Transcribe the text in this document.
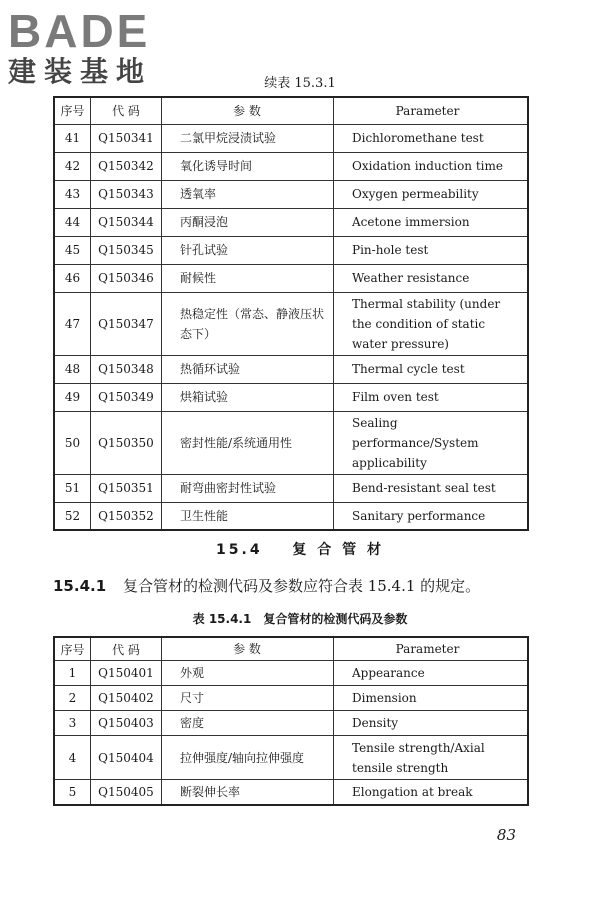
BADE
建装基地	续表 15.3.1
序号	代 码	参 数	Parameter
41	Q150341	二氯甲烷浸渍试验	Dichloromethane test
42	Q150342	氧化诱导时间	Oxidation induction time
43	Q150343	透氧率	Oxygen permeability
44	Q150344	丙酮浸泡	Acetone immersion
45	Q150345	针孔试验	Pin-hole test
46	Q150346	耐候性	Weather resistance
47	Q150347	热稳定性（常态、静液压状态下）	Thermal stability (under the condition of static water pressure)
48	Q150348	热循环试验	Thermal cycle test
49	Q150349	烘箱试验	Film oven test
50	Q150350	密封性能/系统通用性	Sealing performance/System applicability
51	Q150351	耐弯曲密封性试验	Bend-resistant seal test
52	Q150352	卫生性能	Sanitary performance
15.4 复 合 管 材
15.4.1 复合管材的检测代码及参数应符合表 15.4.1 的规定。
表 15.4.1　复合管材的检测代码及参数
序号	代 码	参 数	Parameter
1	Q150401	外观	Appearance
2	Q150402	尺寸	Dimension
3	Q150403	密度	Density
4	Q150404	拉伸强度/轴向拉伸强度	Tensile strength/Axial tensile strength
5	Q150405	断裂伸长率	Elongation at break
83
